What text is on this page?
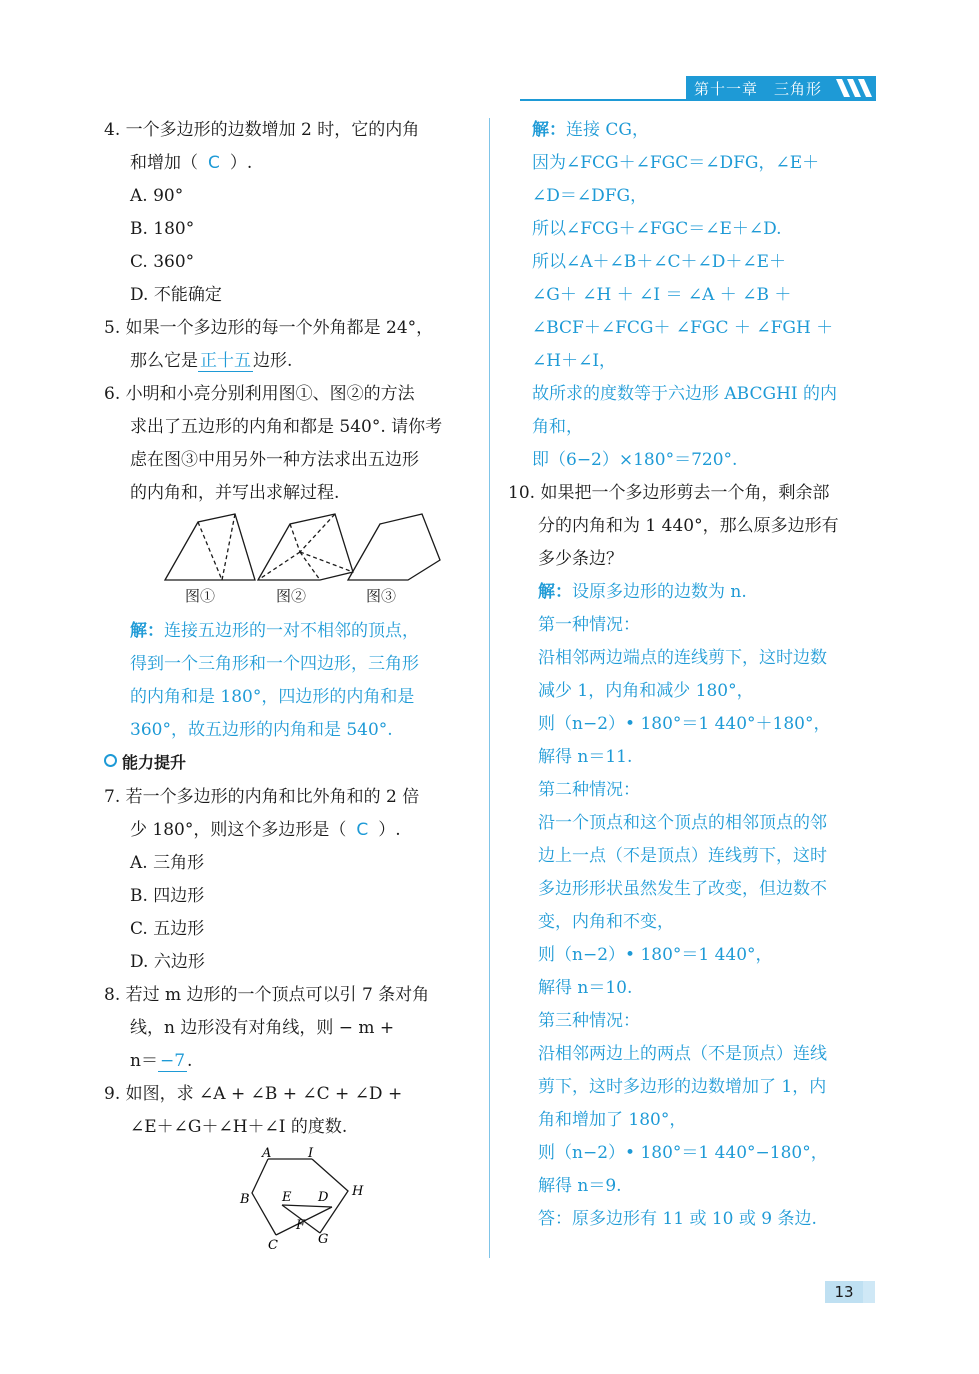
第十一章　三角形
4. 一个多边形的边数增加 2 时，它的内角
和增加（ C ）.
A. 90°
B. 180°
C. 360°
D. 不能确定
5. 如果一个多边形的每一个外角都是 24°，
那么它是 正十五 边形.
6. 小明和小亮分别利用图①、图②的方法
求出了五边形的内角和都是 540°. 请你考
虑在图③中用另外一种方法求出五边形
的内角和，并写出求解过程.
图①	图②	图③
解：连接五边形的一对不相邻的顶点，
得到一个三角形和一个四边形，三角形
的内角和是 180°，四边形的内角和是
360°，故五边形的内角和是 540°.
能力提升
7. 若一个多边形的内角和比外角和的 2 倍
少 180°，则这个多边形是（ C ）.
A. 三角形
B. 四边形
C. 五边形
D. 六边形
8. 若过 m 边形的一个顶点可以引 7 条对角
线，n 边形没有对角线，则 − m +
n＝ −7 .
9. 如图，求 ∠A + ∠B + ∠C + ∠D +
∠E＋∠G＋∠H＋∠I 的度数.
A	I
B
H
E D
F
C	G
解：连接 CG，
因为∠FCG＋∠FGC＝∠DFG，∠E＋
∠D＝∠DFG，
所以∠FCG＋∠FGC＝∠E＋∠D.
所以∠A＋∠B＋∠C＋∠D＋∠E＋
∠G＋ ∠H ＋ ∠I ＝ ∠A ＋ ∠B ＋
∠BCF＋∠FCG＋ ∠FGC ＋ ∠FGH ＋
∠H＋∠I，
故所求的度数等于六边形 ABCGHI 的内
角和，
即（6−2）×180°＝720°.
10. 如果把一个多边形剪去一个角，剩余部
分的内角和为 1 440°，那么原多边形有
多少条边？
解：设原多边形的边数为 n.
第一种情况：
沿相邻两边端点的连线剪下，这时边数
减少 1，内角和减少 180°，
则（n−2）• 180°＝1 440°＋180°，
解得 n＝11.
第二种情况：
沿一个顶点和这个顶点的相邻顶点的邻
边上一点（不是顶点）连线剪下，这时
多边形形状虽然发生了改变，但边数不
变，内角和不变，
则（n−2）• 180°＝1 440°，
解得 n＝10.
第三种情况：
沿相邻两边上的两点（不是顶点）连线
剪下，这时多边形的边数增加了 1，内
角和增加了 180°，
则（n−2）• 180°＝1 440°−180°，
解得 n＝9.
答：原多边形有 11 或 10 或 9 条边.
13
